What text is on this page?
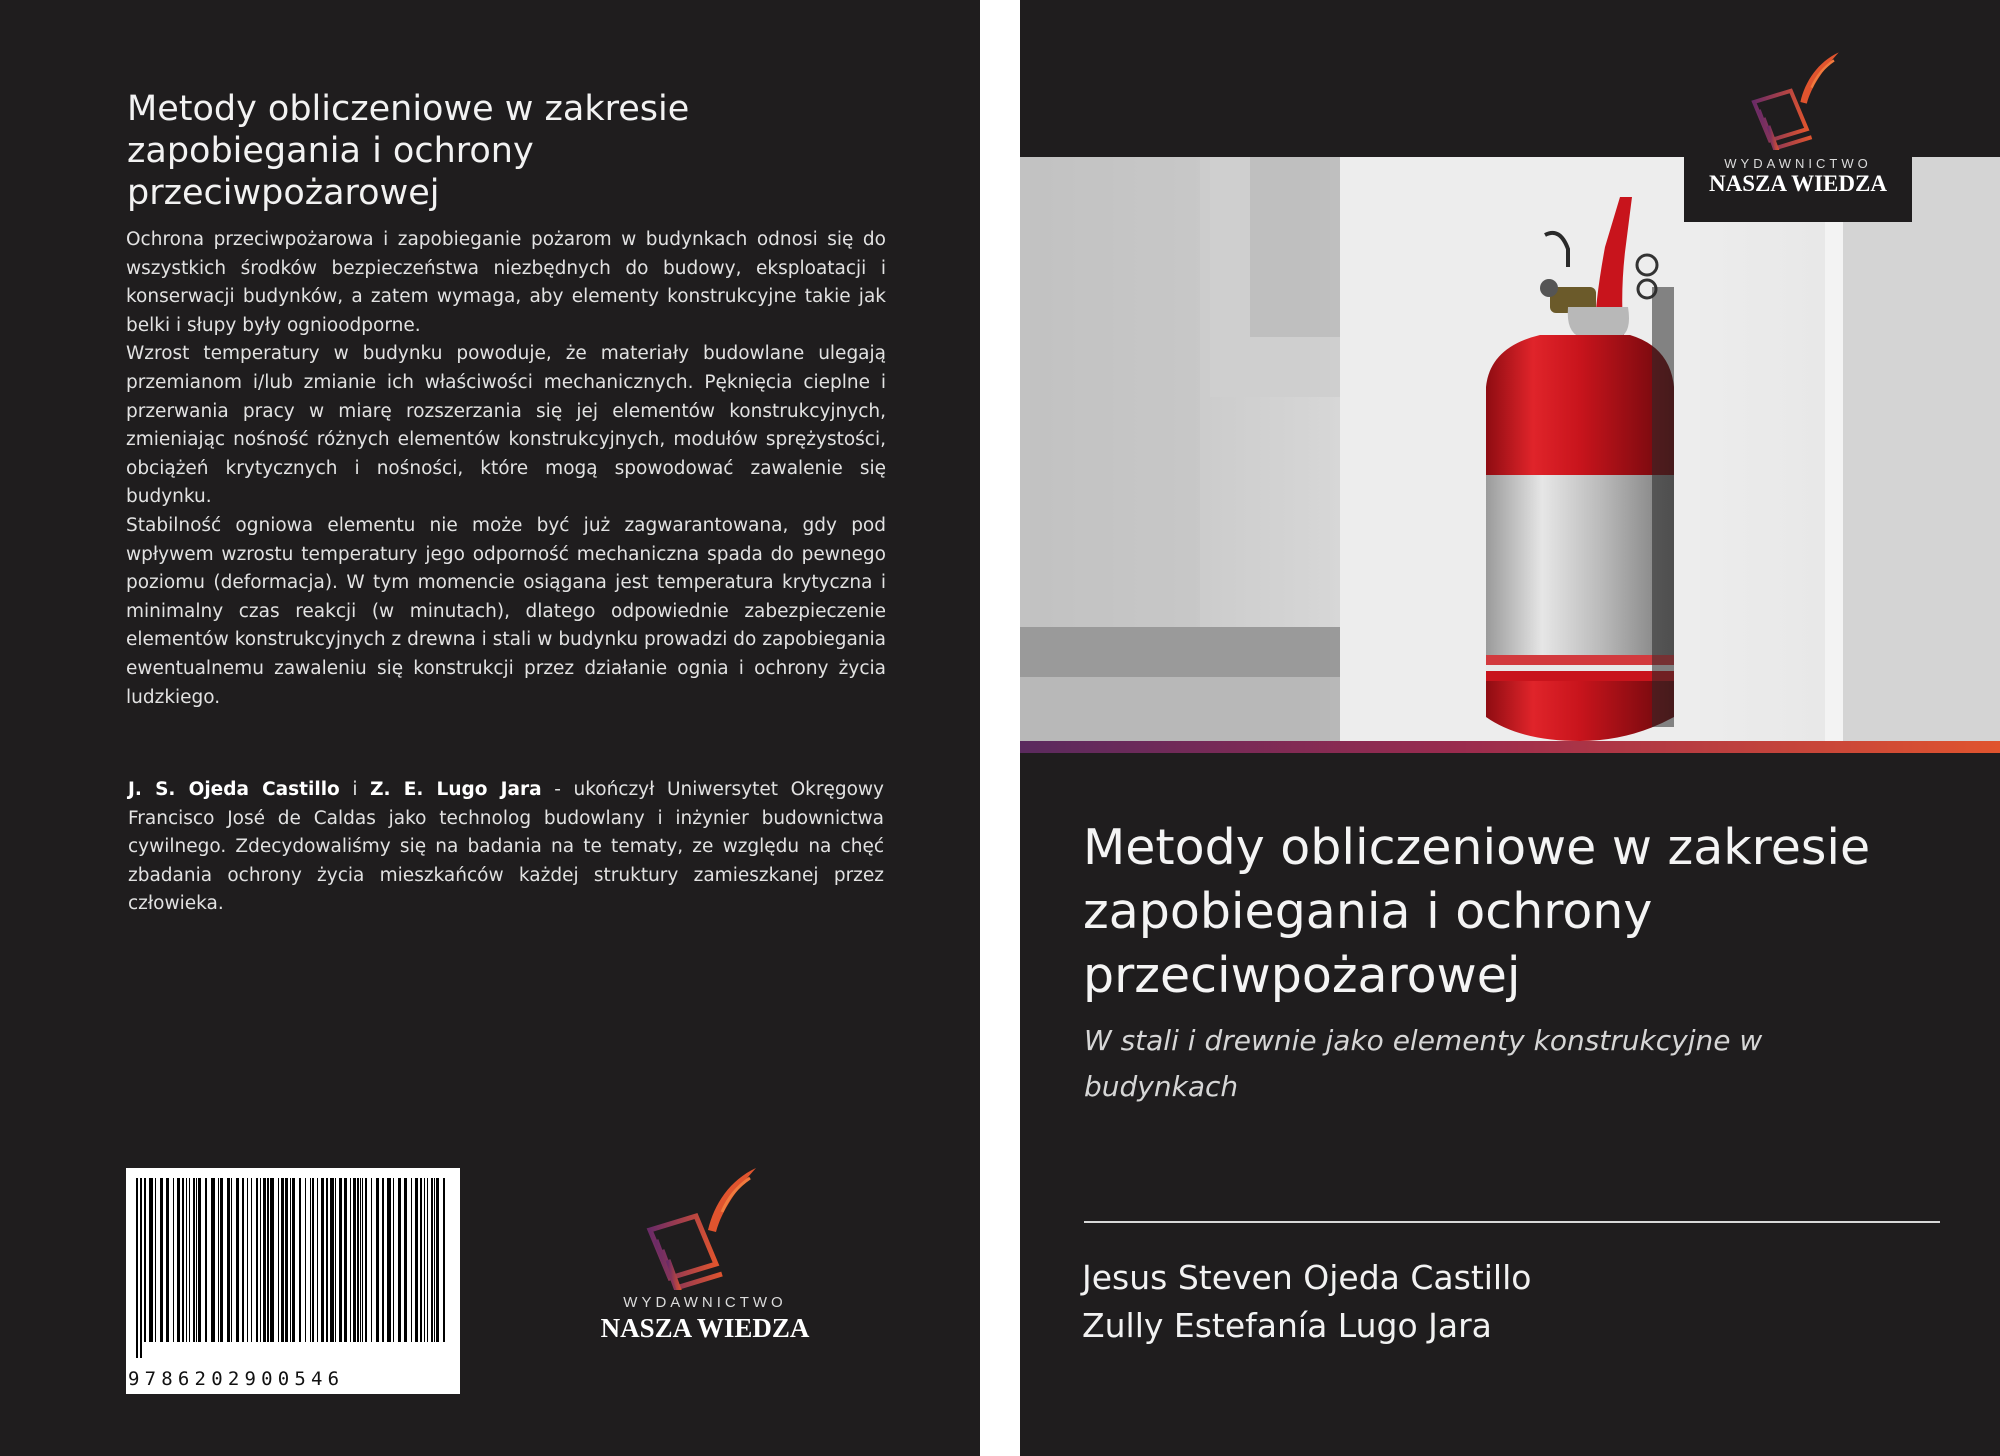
Metody obliczeniowe w zakresie zapobiegania i ochrony przeciwpożarowej

Ochrona przeciwpożarowa i zapobieganie pożarom w budynkach odnosi się do wszystkich środków bezpieczeństwa niezbędnych do budowy, eksploatacji i konserwacji budynków, a zatem wymaga, aby elementy konstrukcyjne takie jak belki i słupy były ognioodporne.

Wzrost temperatury w budynku powoduje, że materiały budowlane ulegają przemianom i/lub zmianie ich właściwości mechanicznych. Pęknięcia cieplne i przerwania pracy w miarę rozszerzania się jej elementów konstrukcyjnych, zmieniając nośność różnych elementów konstrukcyjnych, modułów sprężystości, obciążeń krytycznych i nośności, które mogą spowodować zawalenie się budynku.

Stabilność ogniowa elementu nie może być już zagwarantowana, gdy pod wpływem wzrostu temperatury jego odporność mechaniczna spada do pewnego poziomu (deformacja). W tym momencie osiągana jest temperatura krytyczna i minimalny czas reakcji (w minutach), dlatego odpowiednie zabezpieczenie elementów konstrukcyjnych z drewna i stali w budynku prowadzi do zapobiegania ewentualnemu zawaleniu się konstrukcji przez działanie ognia i ochrony życia ludzkiego.

J. S. Ojeda Castillo i Z. E. Lugo Jara - ukończył Uniwersytet Okręgowy Francisco José de Caldas jako technolog budowlany i inżynier budownictwa cywilnego. Zdecydowaliśmy się na badania na te tematy, ze względu na chęć zbadania ochrony życia mieszkańców każdej struktury zamieszkanej przez człowieka.
9786202900546
WYDAWNICTWO
NASZA WIEDZA
WYDAWNICTWO
NASZA WIEDZA
Metody obliczeniowe w zakresie zapobiegania i ochrony przeciwpożarowej
W stali i drewnie jako elementy konstrukcyjne w budynkach
Jesus Steven Ojeda Castillo
Zully Estefanía Lugo Jara
